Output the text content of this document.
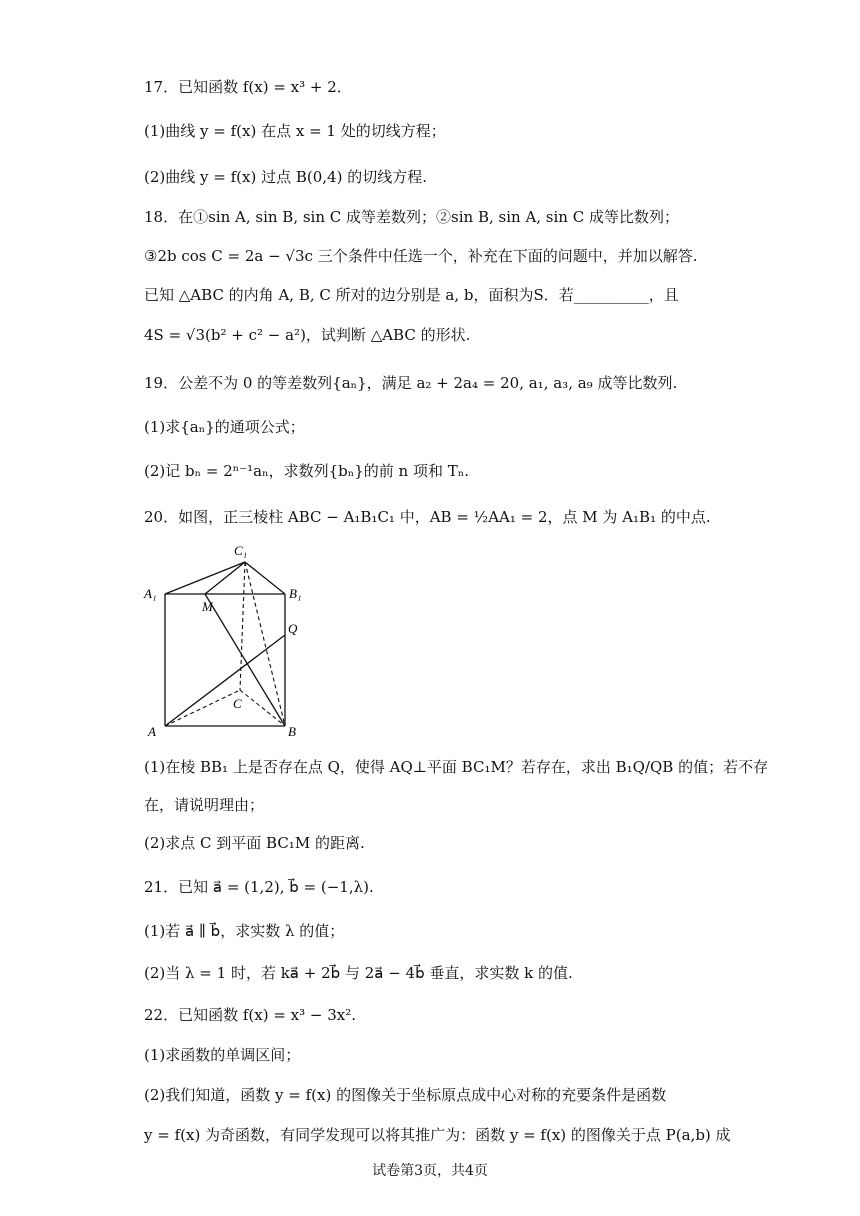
17．已知函数 f(x) = x³ + 2．
(1)曲线 y = f(x) 在点 x = 1 处的切线方程；
(2)曲线 y = f(x) 过点 B(0,4) 的切线方程.
18．在①sin A, sin B, sin C 成等差数列；②sin B, sin A, sin C 成等比数列；
③2b cos C = 2a − √3c 三个条件中任选一个，补充在下面的问题中，并加以解答.
已知 △ABC 的内角 A, B, C 所对的边分别是 a, b，面积为S．若__________，且
4S = √3(b² + c² − a²)，试判断 △ABC 的形状.
19．公差不为 0 的等差数列{aₙ}，满足 a₂ + 2a₄ = 20, a₁, a₃, a₉ 成等比数列.
(1)求{aₙ}的通项公式；
(2)记 bₙ = 2ⁿ⁻¹aₙ，求数列{bₙ}的前 n 项和 Tₙ.
20．如图，正三棱柱 ABC − A₁B₁C₁ 中，AB = ½AA₁ = 2，点 M 为 A₁B₁ 的中点.
C₁
A₁
M
B₁
Q
C
A	B
(1)在棱 BB₁ 上是否存在点 Q，使得 AQ⊥平面 BC₁M？若存在，求出 B₁Q/QB 的值；若不存
在，请说明理由；
(2)求点 C 到平面 BC₁M 的距离.
21．已知 a⃗ = (1,2), b⃗ = (−1,λ).
(1)若 a⃗ ∥ b⃗，求实数 λ 的值；
(2)当 λ = 1 时，若 ka⃗ + 2b⃗ 与 2a⃗ − 4b⃗ 垂直，求实数 k 的值.
22．已知函数 f(x) = x³ − 3x².
(1)求函数的单调区间；
(2)我们知道，函数 y = f(x) 的图像关于坐标原点成中心对称的充要条件是函数
y = f(x) 为奇函数，有同学发现可以将其推广为：函数 y = f(x) 的图像关于点 P(a,b) 成
试卷第3页，共4页
